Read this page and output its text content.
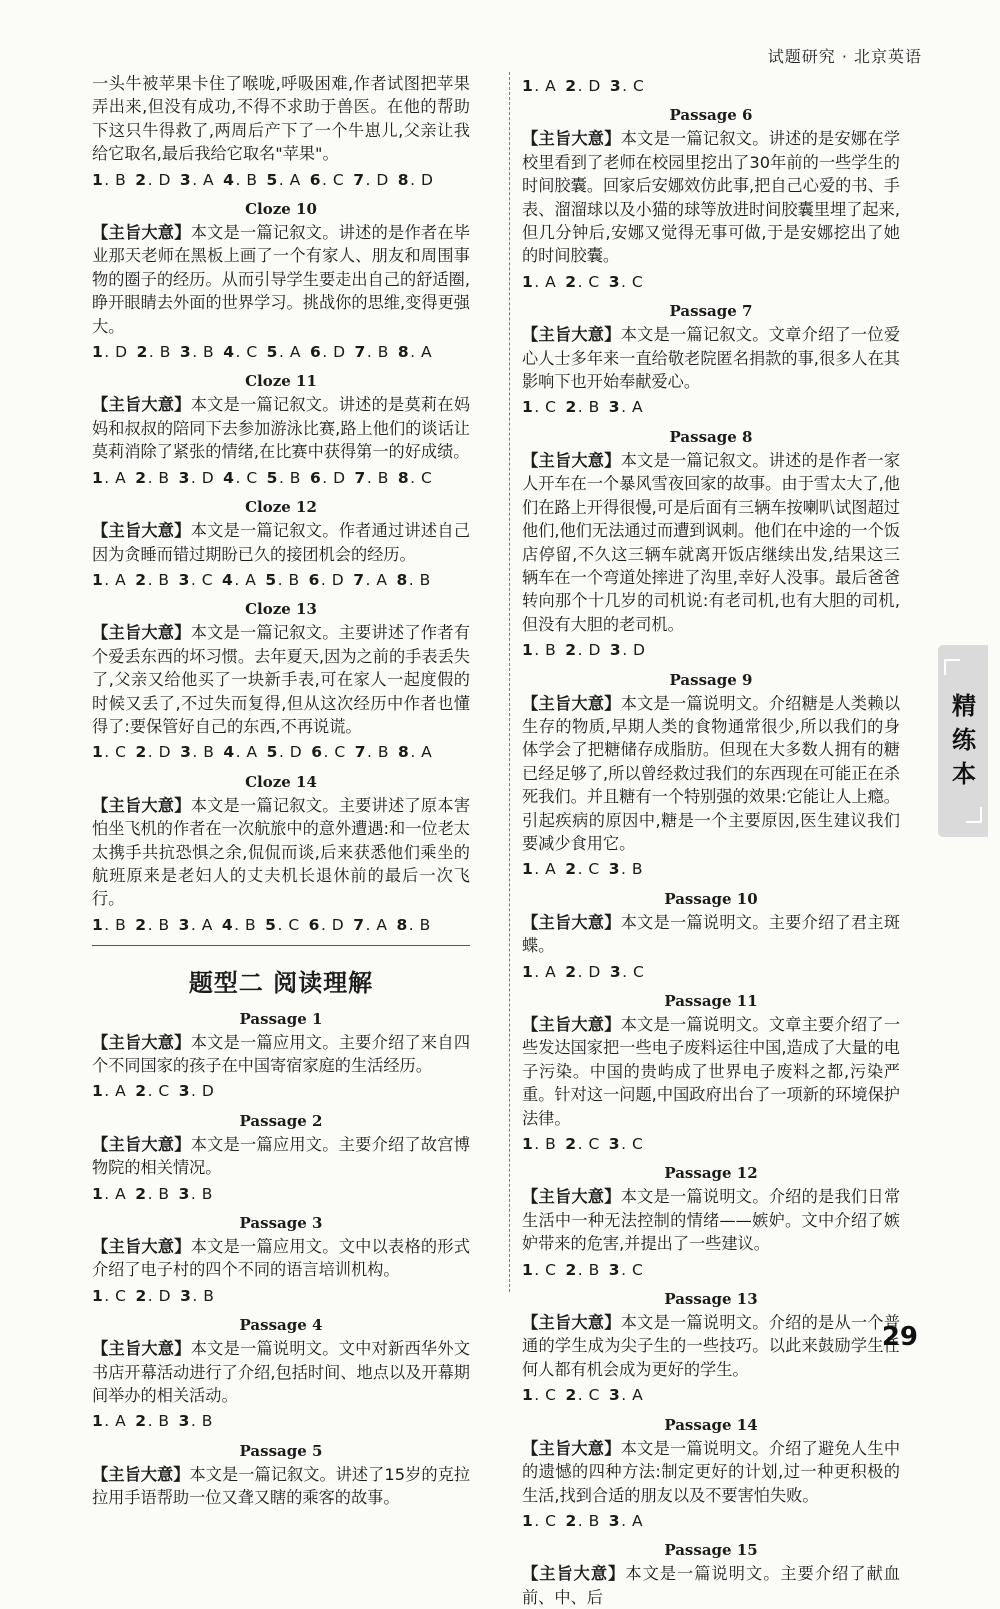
试题研究 · 北京英语

一头牛被苹果卡住了喉咙,呼吸困难,作者试图把苹果弄出来,但没有成功,不得不求助于兽医。在他的帮助下这只牛得救了,两周后产下了一个牛崽儿,父亲让我给它取名,最后我给它取名"苹果"。

1. B 2. D 3. A 4. B 5. A 6. C 7. D 8. D
Cloze 10

【主旨大意】本文是一篇记叙文。讲述的是作者在毕业那天老师在黑板上画了一个有家人、朋友和周围事物的圈子的经历。从而引导学生要走出自己的舒适圈,睁开眼睛去外面的世界学习。挑战你的思维,变得更强大。

1. D 2. B 3. B 4. C 5. A 6. D 7. B 8. A
Cloze 11

【主旨大意】本文是一篇记叙文。讲述的是莫莉在妈妈和叔叔的陪同下去参加游泳比赛,路上他们的谈话让莫莉消除了紧张的情绪,在比赛中获得第一的好成绩。

1. A 2. B 3. D 4. C 5. B 6. D 7. B 8. C
Cloze 12

【主旨大意】本文是一篇记叙文。作者通过讲述自己因为贪睡而错过期盼已久的接团机会的经历。

1. A 2. B 3. C 4. A 5. B 6. D 7. A 8. B
Cloze 13

【主旨大意】本文是一篇记叙文。主要讲述了作者有个爱丢东西的坏习惯。去年夏天,因为之前的手表丢失了,父亲又给他买了一块新手表,可在家人一起度假的时候又丢了,不过失而复得,但从这次经历中作者也懂得了:要保管好自己的东西,不再说谎。

1. C 2. D 3. B 4. A 5. D 6. C 7. B 8. A
Cloze 14

【主旨大意】本文是一篇记叙文。主要讲述了原本害怕坐飞机的作者在一次航旅中的意外遭遇:和一位老太太携手共抗恐惧之余,侃侃而谈,后来获悉他们乘坐的航班原来是老妇人的丈夫机长退休前的最后一次飞行。

1. B 2. B 3. A 4. B 5. C 6. D 7. A 8. B
题型二 阅读理解
Passage 1

【主旨大意】本文是一篇应用文。主要介绍了来自四个不同国家的孩子在中国寄宿家庭的生活经历。

1. A 2. C 3. D
Passage 2

【主旨大意】本文是一篇应用文。主要介绍了故宫博物院的相关情况。

1. A 2. B 3. B
Passage 3

【主旨大意】本文是一篇应用文。文中以表格的形式介绍了电子村的四个不同的语言培训机构。

1. C 2. D 3. B
Passage 4

【主旨大意】本文是一篇说明文。文中对新西华外文书店开幕活动进行了介绍,包括时间、地点以及开幕期间举办的相关活动。

1. A 2. B 3. B
Passage 5

【主旨大意】本文是一篇记叙文。讲述了15岁的克拉拉用手语帮助一位又聋又瞎的乘客的故事。

1. A 2. D 3. C
Passage 6

【主旨大意】本文是一篇记叙文。讲述的是安娜在学校里看到了老师在校园里挖出了30年前的一些学生的时间胶囊。回家后安娜效仿此事,把自己心爱的书、手表、溜溜球以及小猫的球等放进时间胶囊里埋了起来,但几分钟后,安娜又觉得无事可做,于是安娜挖出了她的时间胶囊。

1. A 2. C 3. C
Passage 7

【主旨大意】本文是一篇记叙文。文章介绍了一位爱心人士多年来一直给敬老院匿名捐款的事,很多人在其影响下也开始奉献爱心。

1. C 2. B 3. A
Passage 8

【主旨大意】本文是一篇记叙文。讲述的是作者一家人开车在一个暴风雪夜回家的故事。由于雪太大了,他们在路上开得很慢,可是后面有三辆车按喇叭试图超过他们,他们无法通过而遭到讽刺。他们在中途的一个饭店停留,不久这三辆车就离开饭店继续出发,结果这三辆车在一个弯道处摔进了沟里,幸好人没事。最后爸爸转向那个十几岁的司机说:有老司机,也有大胆的司机,但没有大胆的老司机。

1. B 2. D 3. D
Passage 9

【主旨大意】本文是一篇说明文。介绍糖是人类赖以生存的物质,早期人类的食物通常很少,所以我们的身体学会了把糖储存成脂肪。但现在大多数人拥有的糖已经足够了,所以曾经救过我们的东西现在可能正在杀死我们。并且糖有一个特别强的效果:它能让人上瘾。引起疾病的原因中,糖是一个主要原因,医生建议我们要减少食用它。

1. A 2. C 3. B
Passage 10

【主旨大意】本文是一篇说明文。主要介绍了君主斑蝶。

1. A 2. D 3. C
Passage 11

【主旨大意】本文是一篇说明文。文章主要介绍了一些发达国家把一些电子废料运往中国,造成了大量的电子污染。中国的贵屿成了世界电子废料之都,污染严重。针对这一问题,中国政府出台了一项新的环境保护法律。

1. B 2. C 3. C
Passage 12

【主旨大意】本文是一篇说明文。介绍的是我们日常生活中一种无法控制的情绪——嫉妒。文中介绍了嫉妒带来的危害,并提出了一些建议。

1. C 2. B 3. C
Passage 13

【主旨大意】本文是一篇说明文。介绍的是从一个普通的学生成为尖子生的一些技巧。以此来鼓励学生任何人都有机会成为更好的学生。

1. C 2. C 3. A
Passage 14

【主旨大意】本文是一篇说明文。介绍了避免人生中的遗憾的四种方法:制定更好的计划,过一种更积极的生活,找到合适的朋友以及不要害怕失败。

1. C 2. B 3. A
Passage 15

【主旨大意】本文是一篇说明文。主要介绍了献血前、中、后

精
练
本
29
